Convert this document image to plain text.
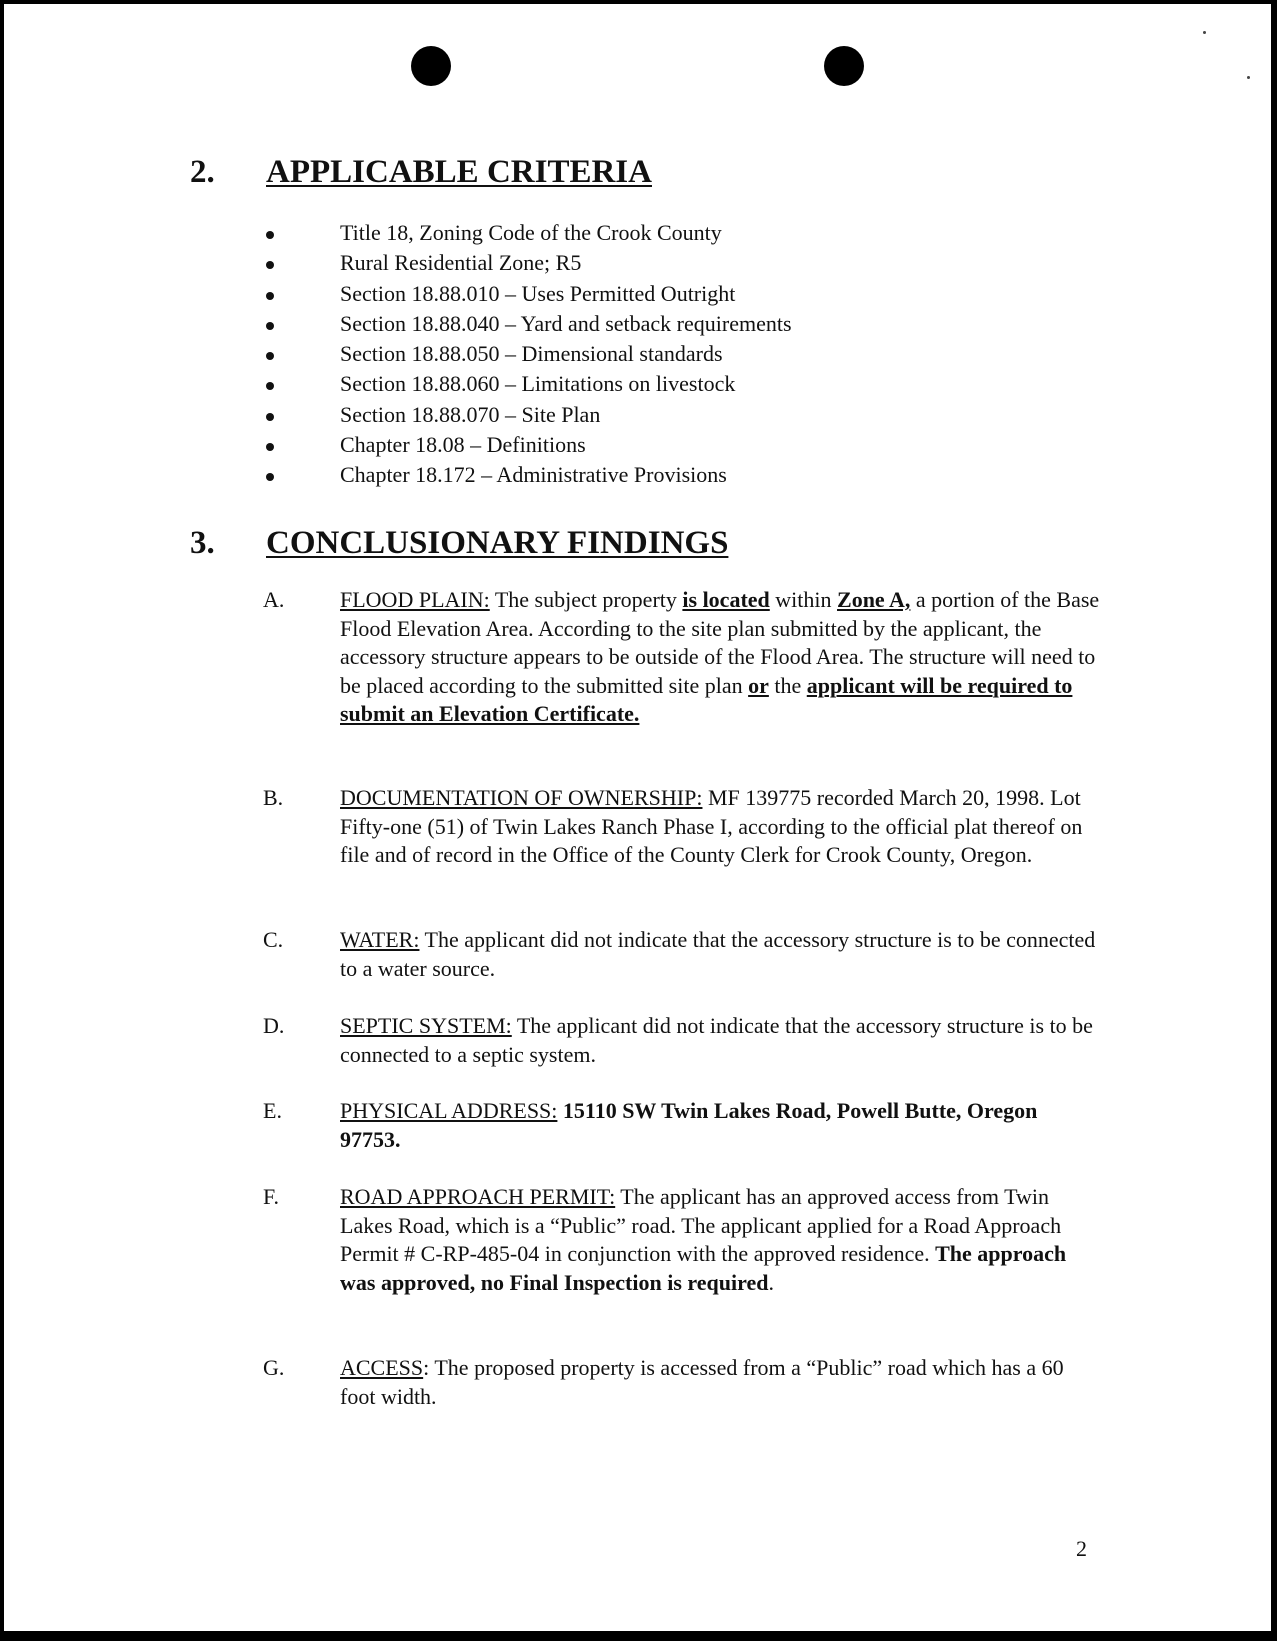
2. APPLICABLE CRITERIA
Title 18, Zoning Code of the Crook County
Rural Residential Zone; R5
Section 18.88.010 – Uses Permitted Outright
Section 18.88.040 – Yard and setback requirements
Section 18.88.050 – Dimensional standards
Section 18.88.060 – Limitations on livestock
Section 18.88.070 – Site Plan
Chapter 18.08 – Definitions
Chapter 18.172 – Administrative Provisions
3. CONCLUSIONARY FINDINGS
A.	FLOOD PLAIN: The subject property is located within Zone A, a portion of the Base Flood Elevation Area. According to the site plan submitted by the applicant, the accessory structure appears to be outside of the Flood Area. The structure will need to be placed according to the submitted site plan or the applicant will be required to submit an Elevation Certificate.
B.	DOCUMENTATION OF OWNERSHIP: MF 139775 recorded March 20, 1998. Lot Fifty-one (51) of Twin Lakes Ranch Phase I, according to the official plat thereof on file and of record in the Office of the County Clerk for Crook County, Oregon.
C.	WATER: The applicant did not indicate that the accessory structure is to be connected to a water source.
D.	SEPTIC SYSTEM: The applicant did not indicate that the accessory structure is to be connected to a septic system.
E.	PHYSICAL ADDRESS: 15110 SW Twin Lakes Road, Powell Butte, Oregon 97753.
F.	ROAD APPROACH PERMIT: The applicant has an approved access from Twin Lakes Road, which is a “Public” road. The applicant applied for a Road Approach Permit # C-RP-485-04 in conjunction with the approved residence. The approach was approved, no Final Inspection is required.
G.	ACCESS: The proposed property is accessed from a “Public” road which has a 60 foot width.
2
